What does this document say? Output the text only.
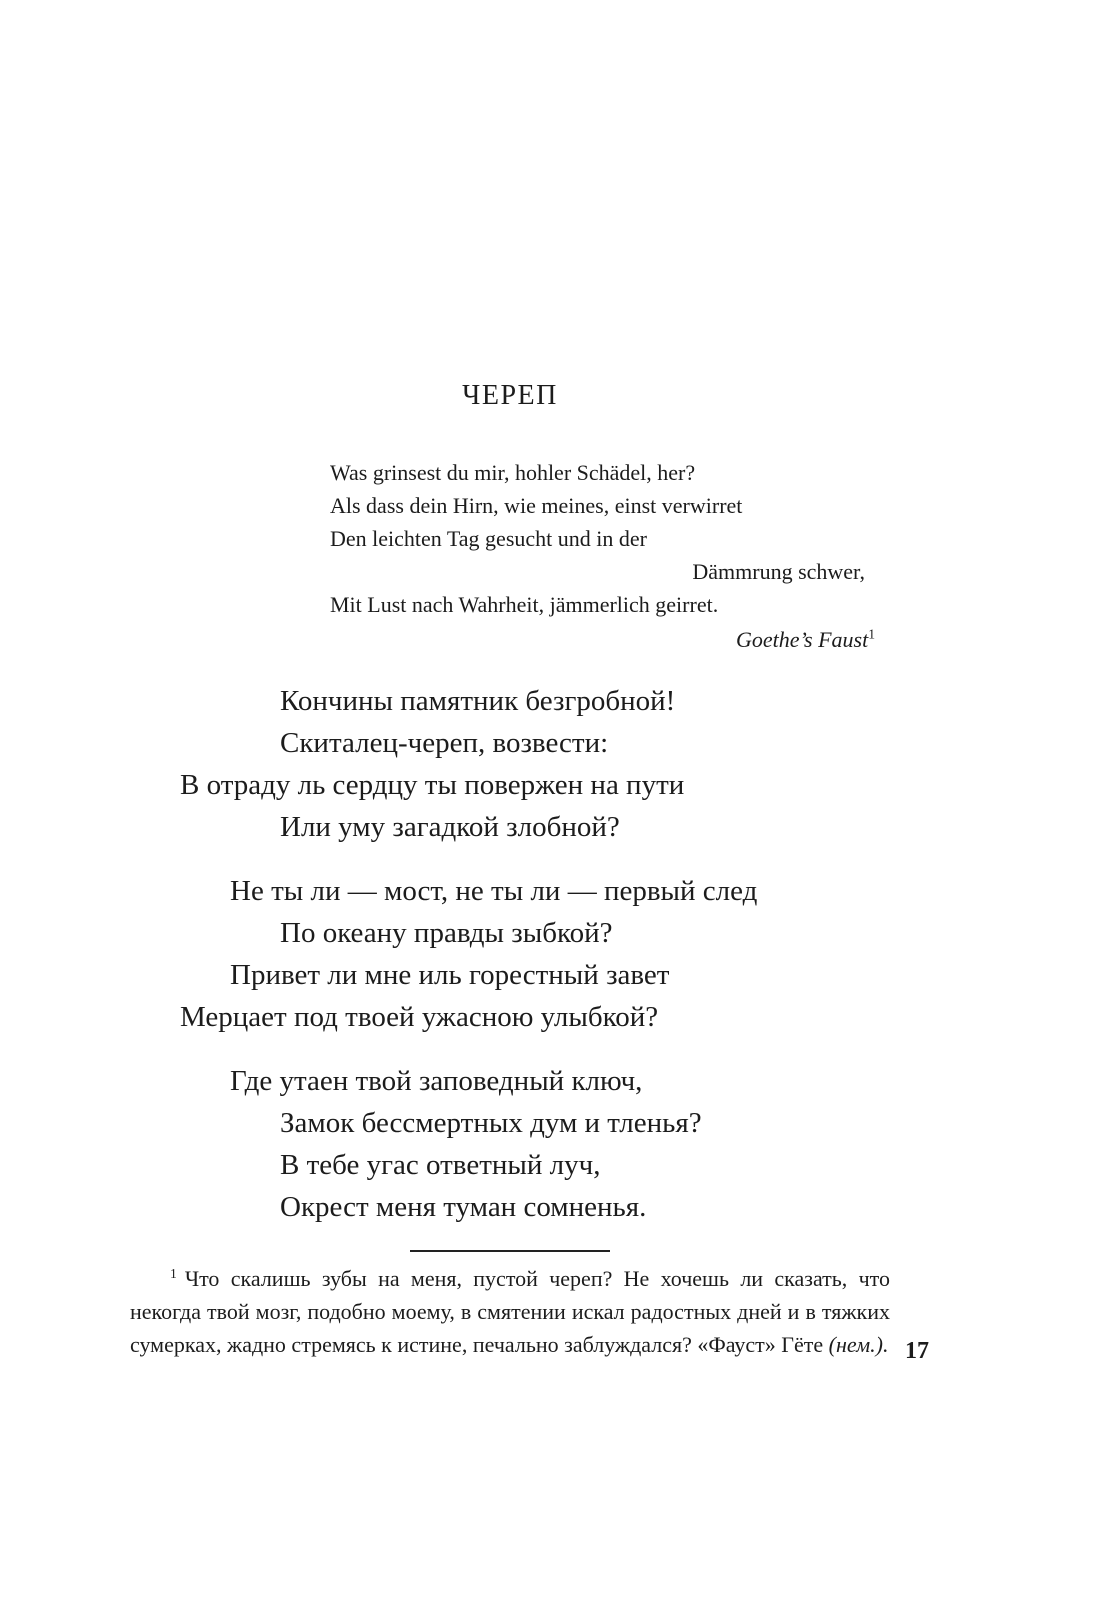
ЧЕРЕП
Was grinsest du mir, hohler Schädel, her?
Als dass dein Hirn, wie meines, einst verwirret
Den leichten Tag gesucht und in der
Dämmrung schwer,
Mit Lust nach Wahrheit, jämmerlich geirret.
Goethe’s Faust$^1$
Кончины памятник безгробной!
Скиталец-череп, возвести:
В отраду ль сердцу ты повержен на пути
Или уму загадкой злобной?
Не ты ли — мост, не ты ли — первый след
По океану правды зыбкой?
Привет ли мне иль горестный завет
Мерцает под твоей ужасною улыбкой?
Где утаен твой заповедный ключ,
Замок бессмертных дум и тленья?
В тебе угас ответный луч,
Окрест меня туман сомненья.

$^1$ Что скалишь зубы на меня, пустой череп? Не хочешь ли сказать, что некогда твой мозг, подобно моему, в смятении искал радостных дней и в тяжких сумерках, жадно стремясь к истине, печально заблуждался? «Фауст» Гёте (нем.). 17
